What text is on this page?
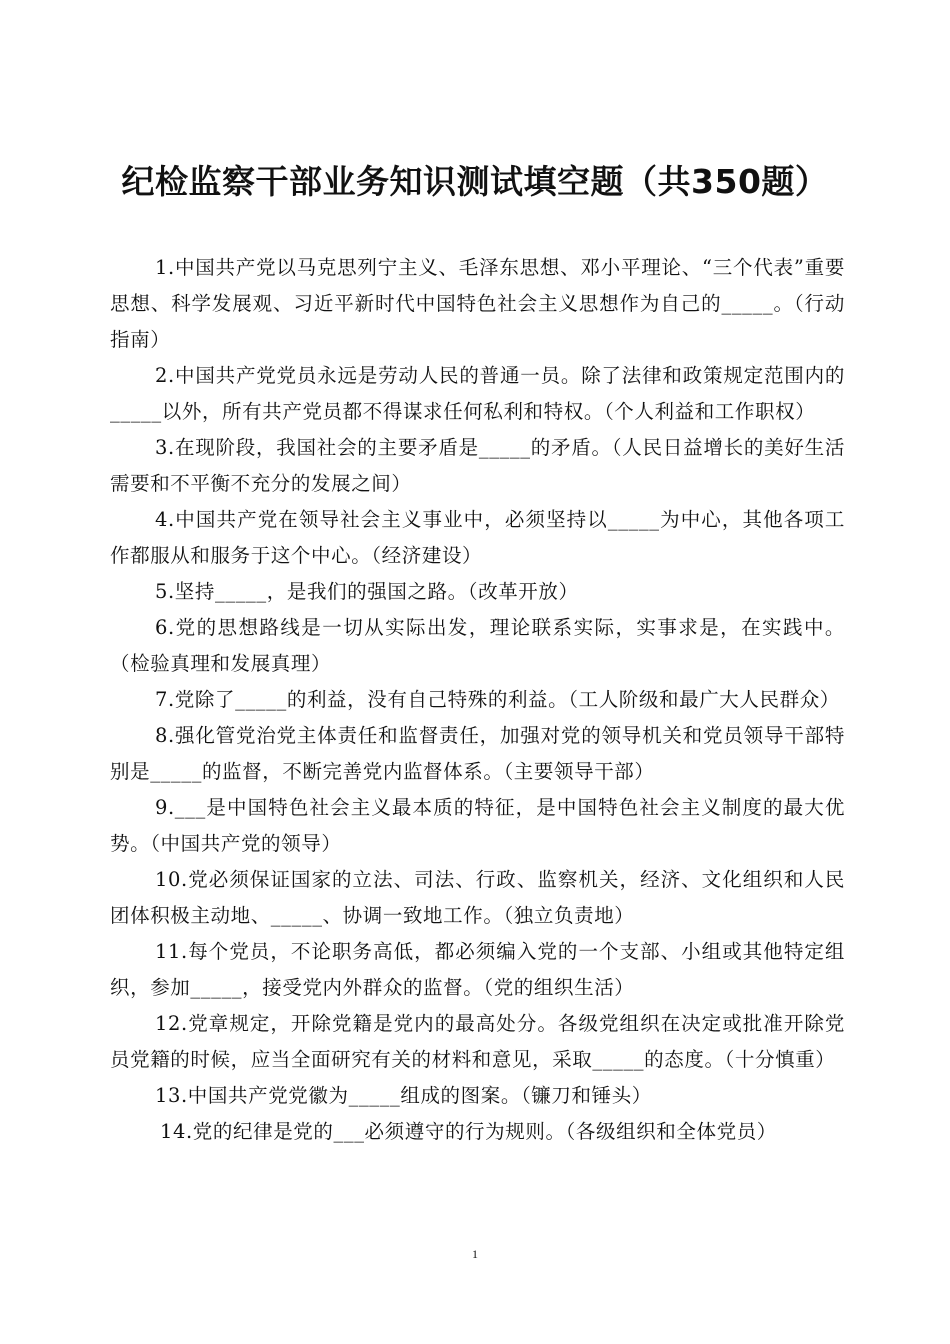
纪检监察干部业务知识测试填空题（共350题）

1.中国共产党以马克思列宁主义、毛泽东思想、邓小平理论、“三个代表”重要思想、科学发展观、习近平新时代中国特色社会主义思想作为自己的_____。（行动指南）

2.中国共产党党员永远是劳动人民的普通一员。除了法律和政策规定范围内的_____以外，所有共产党员都不得谋求任何私利和特权。（个人利益和工作职权）

3.在现阶段，我国社会的主要矛盾是_____的矛盾。（人民日益增长的美好生活需要和不平衡不充分的发展之间）

4.中国共产党在领导社会主义事业中，必须坚持以_____为中心，其他各项工作都服从和服务于这个中心。（经济建设）

5.坚持_____，是我们的强国之路。（改革开放）

6.党的思想路线是一切从实际出发，理论联系实际，实事求是，在实践中。（检验真理和发展真理）

7.党除了_____的利益，没有自己特殊的利益。（工人阶级和最广大人民群众）

8.强化管党治党主体责任和监督责任，加强对党的领导机关和党员领导干部特别是_____的监督，不断完善党内监督体系。（主要领导干部）

9.___是中国特色社会主义最本质的特征，是中国特色社会主义制度的最大优势。（中国共产党的领导）

10.党必须保证国家的立法、司法、行政、监察机关，经济、文化组织和人民团体积极主动地、_____、协调一致地工作。（独立负责地）

11.每个党员，不论职务高低，都必须编入党的一个支部、小组或其他特定组织，参加_____，接受党内外群众的监督。（党的组织生活）

12.党章规定，开除党籍是党内的最高处分。各级党组织在决定或批准开除党员党籍的时候，应当全面研究有关的材料和意见，采取_____的态度。（十分慎重）

13.中国共产党党徽为_____组成的图案。（镰刀和锤头）

14.党的纪律是党的___必须遵守的行为规则。（各级组织和全体党员）

1
